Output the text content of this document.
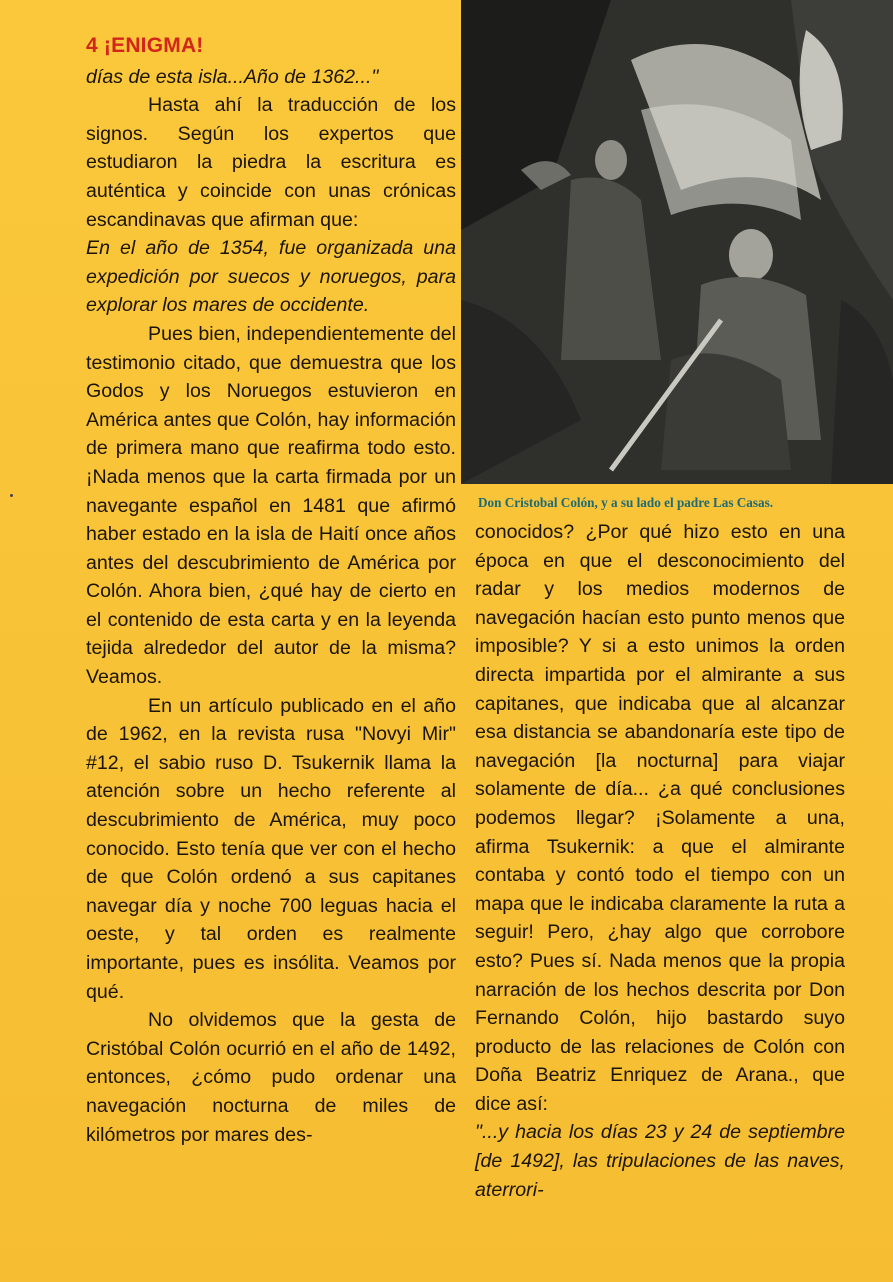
4 ¡ENIGMA!

días de esta isla...Año de 1362..."

Hasta ahí la traducción de los signos. Según los expertos que estudiaron la piedra la escritura es auténtica y coincide con unas crónicas escandinavas que afirman que:

En el año de 1354, fue organizada una expedición por suecos y noruegos, para explorar los mares de occidente.

Pues bien, independientemente del testimonio citado, que demuestra que los Godos y los Noruegos estuvieron en América antes que Colón, hay información de primera mano que reafirma todo esto. ¡Nada menos que la carta firmada por un navegante español en 1481 que afirmó haber estado en la isla de Haití once años antes del descubrimiento de América por Colón. Ahora bien, ¿qué hay de cierto en el contenido de esta carta y en la leyenda tejida alrededor del autor de la misma? Veamos.

En un artículo publicado en el año de 1962, en la revista rusa "Novyi Mir" #12, el sabio ruso D. Tsukernik llama la atención sobre un hecho referente al descubrimiento de América, muy poco conocido. Esto tenía que ver con el hecho de que Colón ordenó a sus capitanes navegar día y noche 700 leguas hacia el oeste, y tal orden es realmente importante, pues es insólita. Veamos por qué.

No olvidemos que la gesta de Cristóbal Colón ocurrió en el año de 1492, entonces, ¿cómo pudo ordenar una navegación nocturna de miles de kilómetros por mares des-

Don Cristobal Colón, y a su lado el padre Las Casas.

conocidos? ¿Por qué hizo esto en una época en que el desconocimiento del radar y los medios modernos de navegación hacían esto punto menos que imposible? Y si a esto unimos la orden directa impartida por el almirante a sus capitanes, que indicaba que al alcanzar esa distancia se abandonaría este tipo de navegación [la nocturna] para viajar solamente de día... ¿a qué conclusiones podemos llegar? ¡Solamente a una, afirma Tsukernik: a que el almirante contaba y contó todo el tiempo con un mapa que le indicaba claramente la ruta a seguir! Pero, ¿hay algo que corrobore esto? Pues sí. Nada menos que la propia narración de los hechos descrita por Don Fernando Colón, hijo bastardo suyo producto de las relaciones de Colón con Doña Beatriz Enriquez de Arana., que dice así:

"...y hacia los días 23 y 24 de septiembre [de 1492], las tripulaciones de las naves, aterrori-
